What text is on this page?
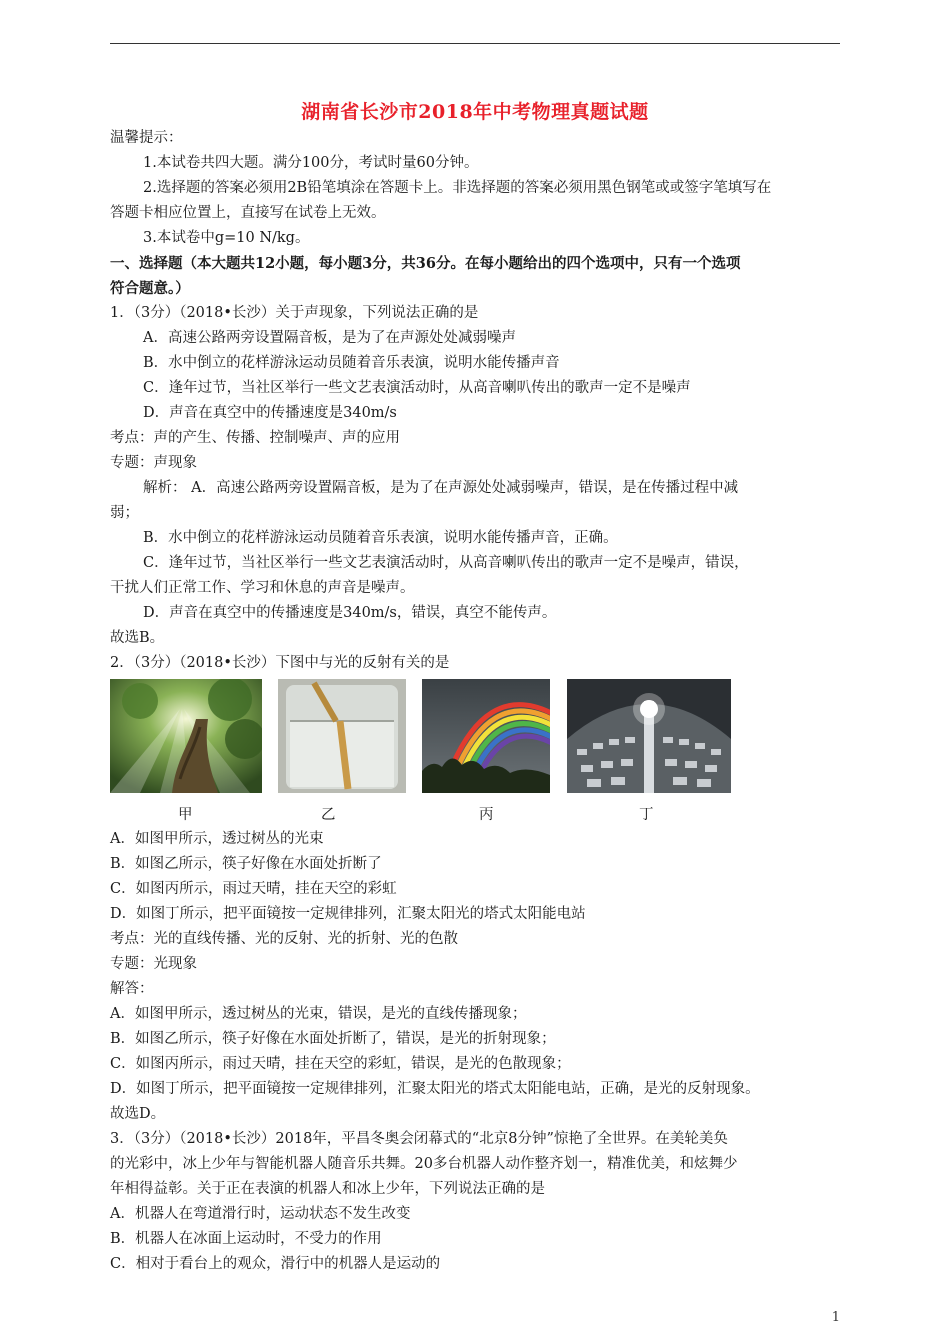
湖南省长沙市2018年中考物理真题试题
温馨提示：
1.本试卷共四大题。满分100分，考试时量60分钟。
2.选择题的答案必须用2B铅笔填涂在答题卡上。非选择题的答案必须用黑色钢笔或或签字笔填写在
答题卡相应位置上，直接写在试卷上无效。
3.本试卷中g=10 N/kg。
一、选择题（本大题共12小题，每小题3分，共36分。在每小题给出的四个选项中，只有一个选项
符合题意。）
1．（3分）（2018•长沙）关于声现象，下列说法正确的是
A．高速公路两旁设置隔音板，是为了在声源处处减弱噪声
B．水中倒立的花样游泳运动员随着音乐表演，说明水能传播声音
C．逢年过节，当社区举行一些文艺表演活动时，从高音喇叭传出的歌声一定不是噪声
D．声音在真空中的传播速度是340m/s
考点：声的产生、传播、控制噪声、声的应用
专题：声现象
解析： A．高速公路两旁设置隔音板，是为了在声源处处减弱噪声，错误，是在传播过程中减
弱；
B．水中倒立的花样游泳运动员随着音乐表演，说明水能传播声音，正确。
C．逢年过节，当社区举行一些文艺表演活动时，从高音喇叭传出的歌声一定不是噪声，错误，
干扰人们正常工作、学习和休息的声音是噪声。
D．声音在真空中的传播速度是340m/s，错误，真空不能传声。
故选B。
2．（3分）（2018•长沙）下图中与光的反射有关的是
甲	乙	丙	丁
A．如图甲所示，透过树丛的光束
B．如图乙所示，筷子好像在水面处折断了
C．如图丙所示，雨过天晴，挂在天空的彩虹
D．如图丁所示，把平面镜按一定规律排列，汇聚太阳光的塔式太阳能电站
考点：光的直线传播、光的反射、光的折射、光的色散
专题：光现象
解答：
A．如图甲所示，透过树丛的光束，错误，是光的直线传播现象；
B．如图乙所示，筷子好像在水面处折断了，错误，是光的折射现象；
C．如图丙所示，雨过天晴，挂在天空的彩虹，错误，是光的色散现象；
D．如图丁所示，把平面镜按一定规律排列，汇聚太阳光的塔式太阳能电站，正确，是光的反射现象。
故选D。
3．（3分）（2018•长沙）2018年，平昌冬奥会闭幕式的“北京8分钟”惊艳了全世界。在美轮美奂
的光彩中，冰上少年与智能机器人随音乐共舞。20多台机器人动作整齐划一，精准优美，和炫舞少
年相得益彰。关于正在表演的机器人和冰上少年，下列说法正确的是
A．机器人在弯道滑行时，运动状态不发生改变
B．机器人在冰面上运动时，不受力的作用
C．相对于看台上的观众，滑行中的机器人是运动的
1
